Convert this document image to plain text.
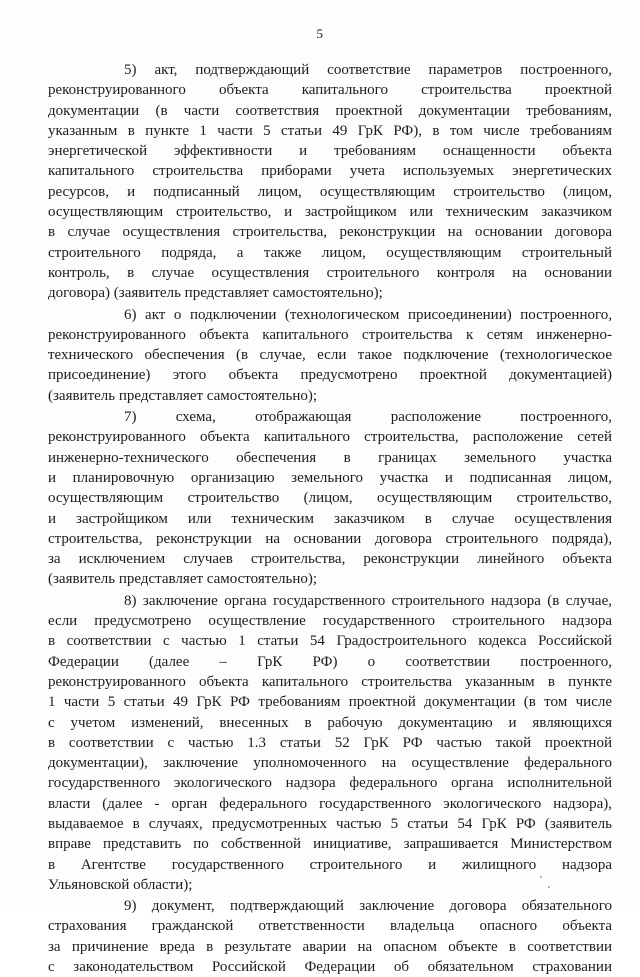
5

5) акт, подтверждающий соответствие параметров построенного,
реконструированного объекта капитального строительства проектной
документации (в части соответствия проектной документации требованиям,
указанным в пункте 1 части 5 статьи 49 ГрК РФ), в том числе требованиям
энергетической эффективности и требованиям оснащенности объекта
капитального строительства приборами учета используемых энергетических
ресурсов, и подписанный лицом, осуществляющим строительство (лицом,
осуществляющим строительство, и застройщиком или техническим заказчиком
в случае осуществления строительства, реконструкции на основании договора
строительного подряда, а также лицом, осуществляющим строительный
контроль, в случае осуществления строительного контроля на основании
договора) (заявитель представляет самостоятельно);

6) акт о подключении (технологическом присоединении) построенного,
реконструированного объекта капитального строительства к сетям инженерно-
технического обеспечения (в случае, если такое подключение (технологическое
присоединение) этого объекта предусмотрено проектной документацией)
(заявитель представляет самостоятельно);

7) схема, отображающая расположение построенного,
реконструированного объекта капитального строительства, расположение сетей
инженерно-технического обеспечения в границах земельного участка
и планировочную организацию земельного участка и подписанная лицом,
осуществляющим строительство (лицом, осуществляющим строительство,
и застройщиком или техническим заказчиком в случае осуществления
строительства, реконструкции на основании договора строительного подряда),
за исключением случаев строительства, реконструкции линейного объекта
(заявитель представляет самостоятельно);

8) заключение органа государственного строительного надзора (в случае,
если предусмотрено осуществление государственного строительного надзора
в соответствии с частью 1 статьи 54 Градостроительного кодекса Российской
Федерации (далее – ГрК РФ) о соответствии построенного,
реконструированного объекта капитального строительства указанным в пункте
1 части 5 статьи 49 ГрК РФ требованиям проектной документации (в том числе
с учетом изменений, внесенных в рабочую документацию и являющихся
в соответствии с частью 1.3 статьи 52 ГрК РФ частью такой проектной
документации), заключение уполномоченного на осуществление федерального
государственного экологического надзора федерального органа исполнительной
власти (далее - орган федерального государственного экологического надзора),
выдаваемое в случаях, предусмотренных частью 5 статьи 54 ГрК РФ (заявитель
вправе представить по собственной инициативе, запрашивается Министерством
в Агентстве государственного строительного и жилищного надзора
Ульяновской области);

9) документ, подтверждающий заключение договора обязательного
страхования гражданской ответственности владельца опасного объекта
за причинение вреда в результате аварии на опасном объекте в соответствии
с законодательством Российской Федерации об обязательном страховании
